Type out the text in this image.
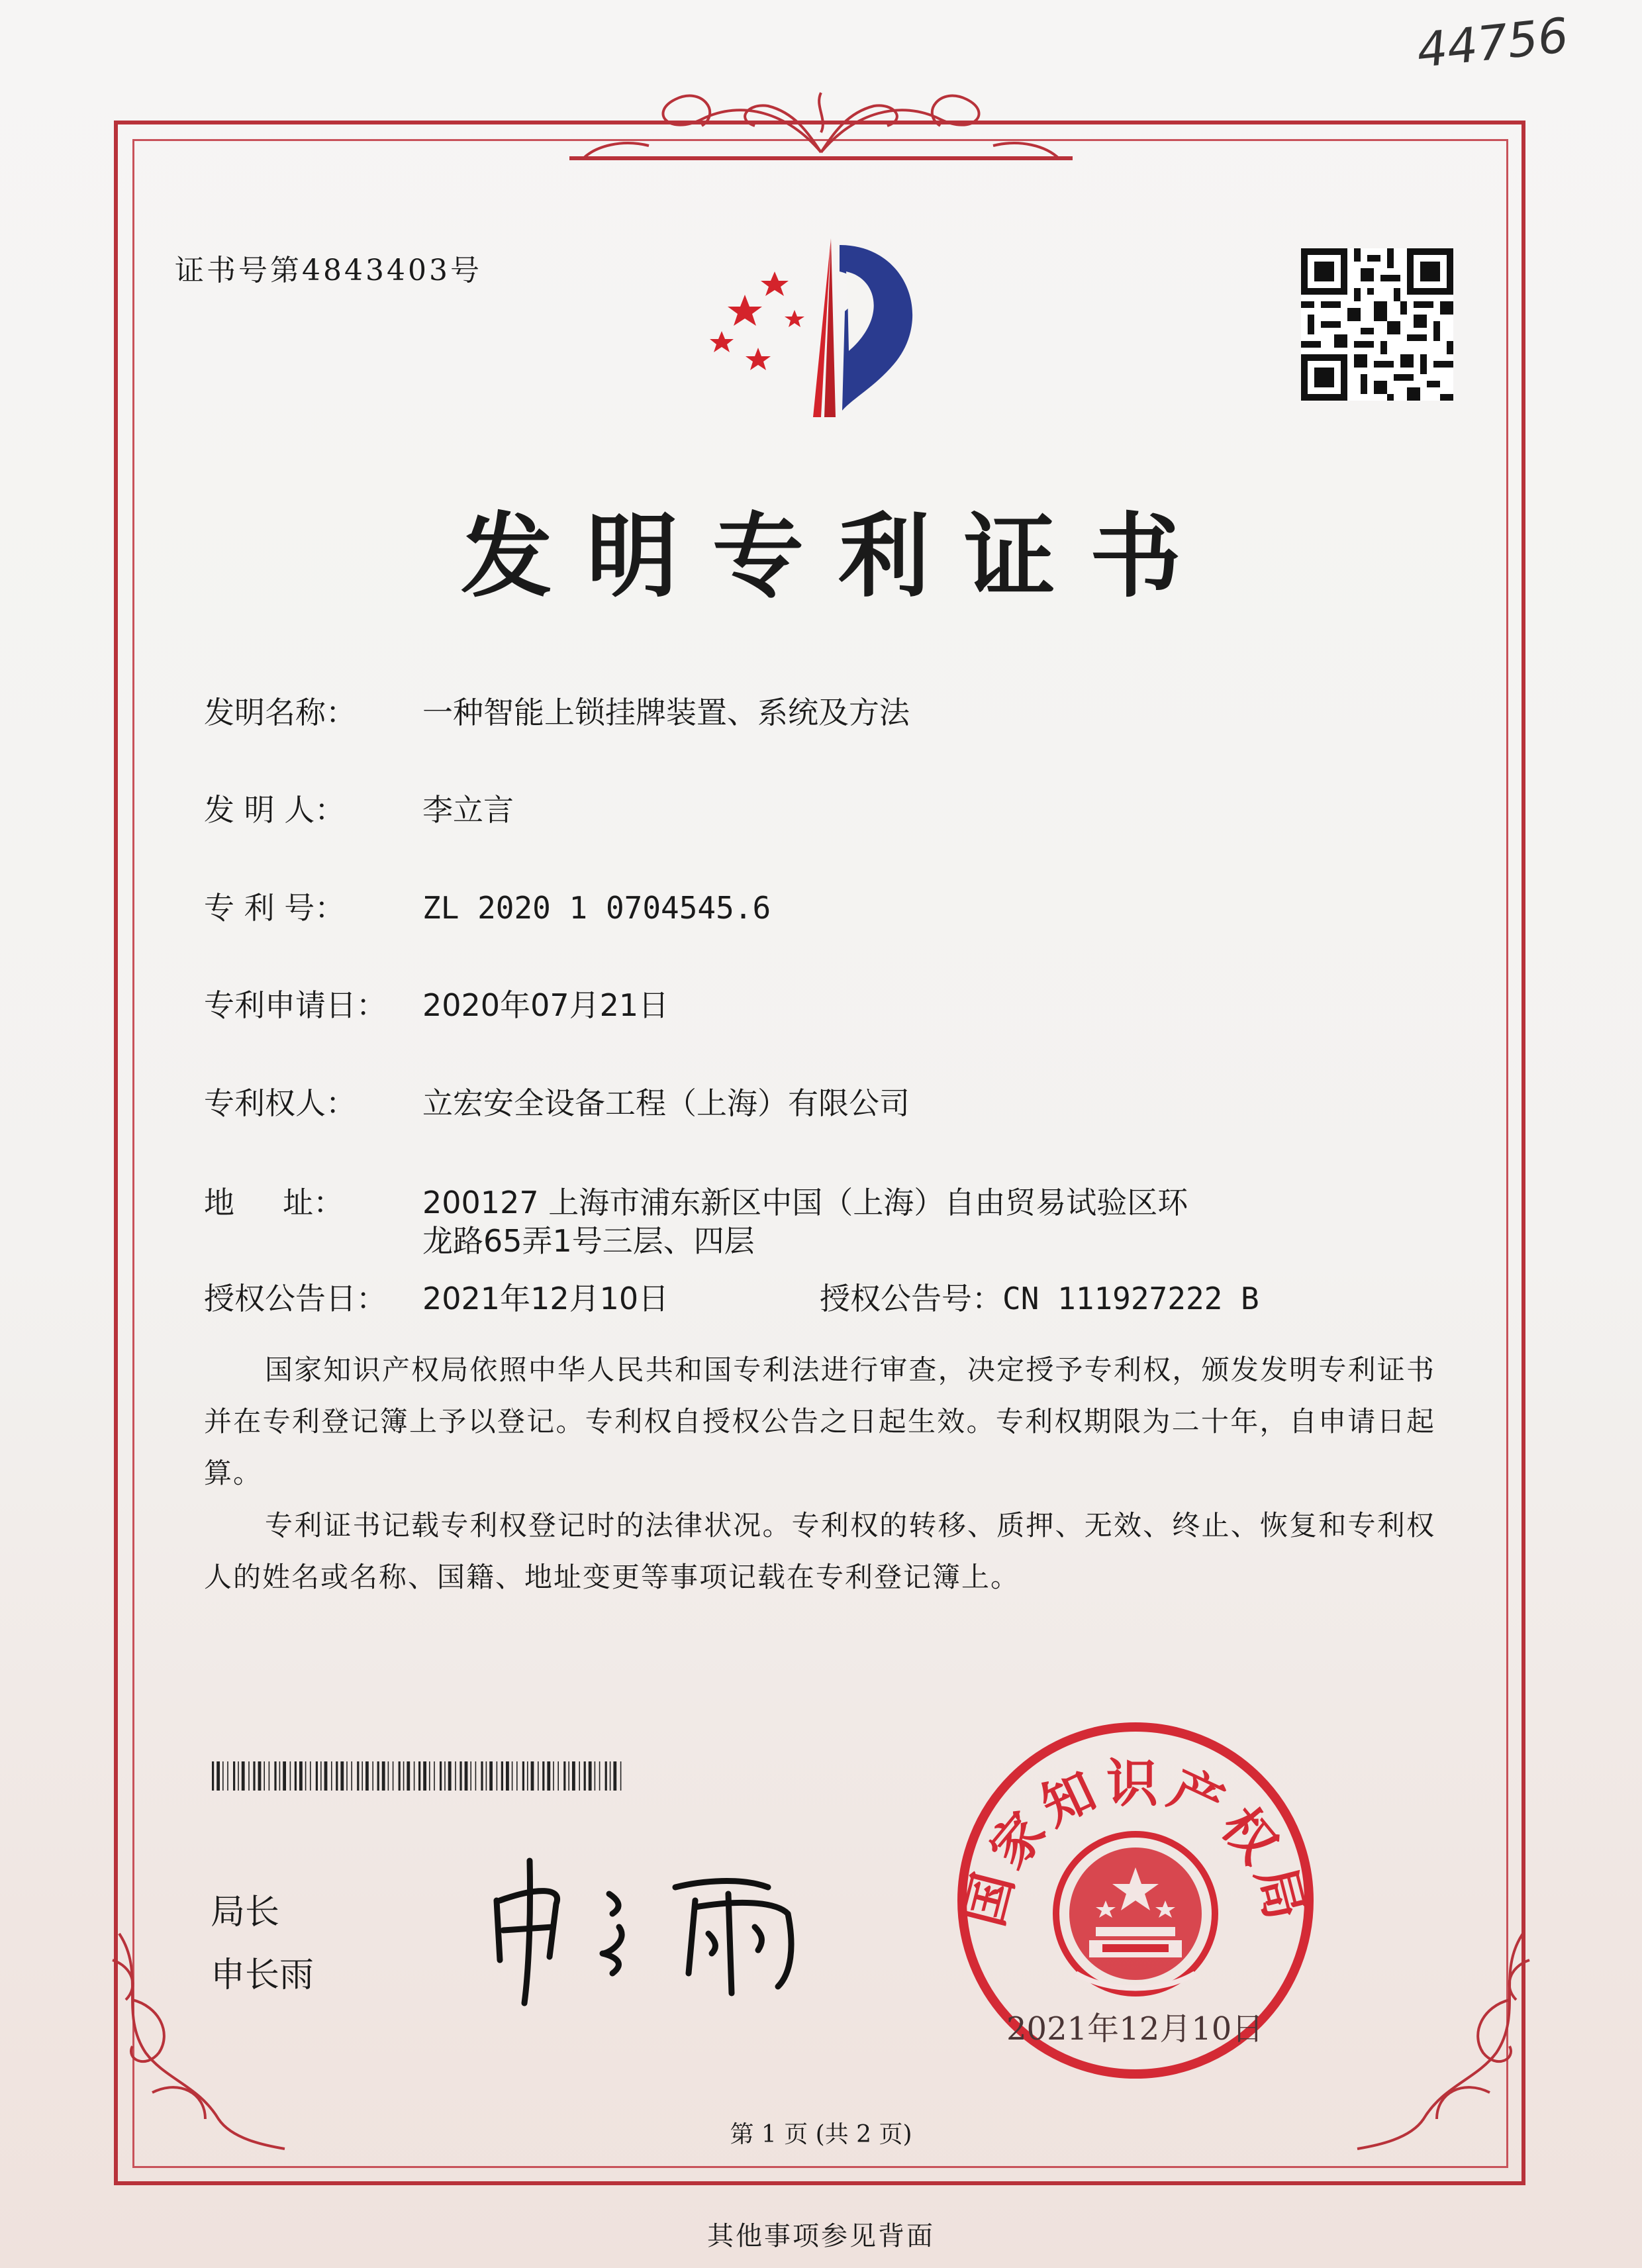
44756
证书号第4843403号
发明专利证书
发明名称： 一种智能上锁挂牌装置、系统及方法
发 明 人：	李立言
专 利 号：	ZL 2020 1 0704545.6
专利申请日： 2020年07月21日
专利权人： 立宏安全设备工程（上海）有限公司
地     址：	200127 上海市浦东新区中国（上海）自由贸易试验区环
龙路65弄1号三层、四层
授权公告日： 2021年12月10日	授权公告号：CN 111927222 B

国家知识产权局依照中华人民共和国专利法进行审查，决定授予专利权，颁发发明专利证书并在专利登记簿上予以登记。专利权自授权公告之日起生效。专利权期限为二十年，自申请日起算。

专利证书记载专利权登记时的法律状况。专利权的转移、质押、无效、终止、恢复和专利权人的姓名或名称、国籍、地址变更等事项记载在专利登记簿上。

局长
申长雨
国家知识产权局
2021年12月10日
第 1 页 (共 2 页)
其他事项参见背面
